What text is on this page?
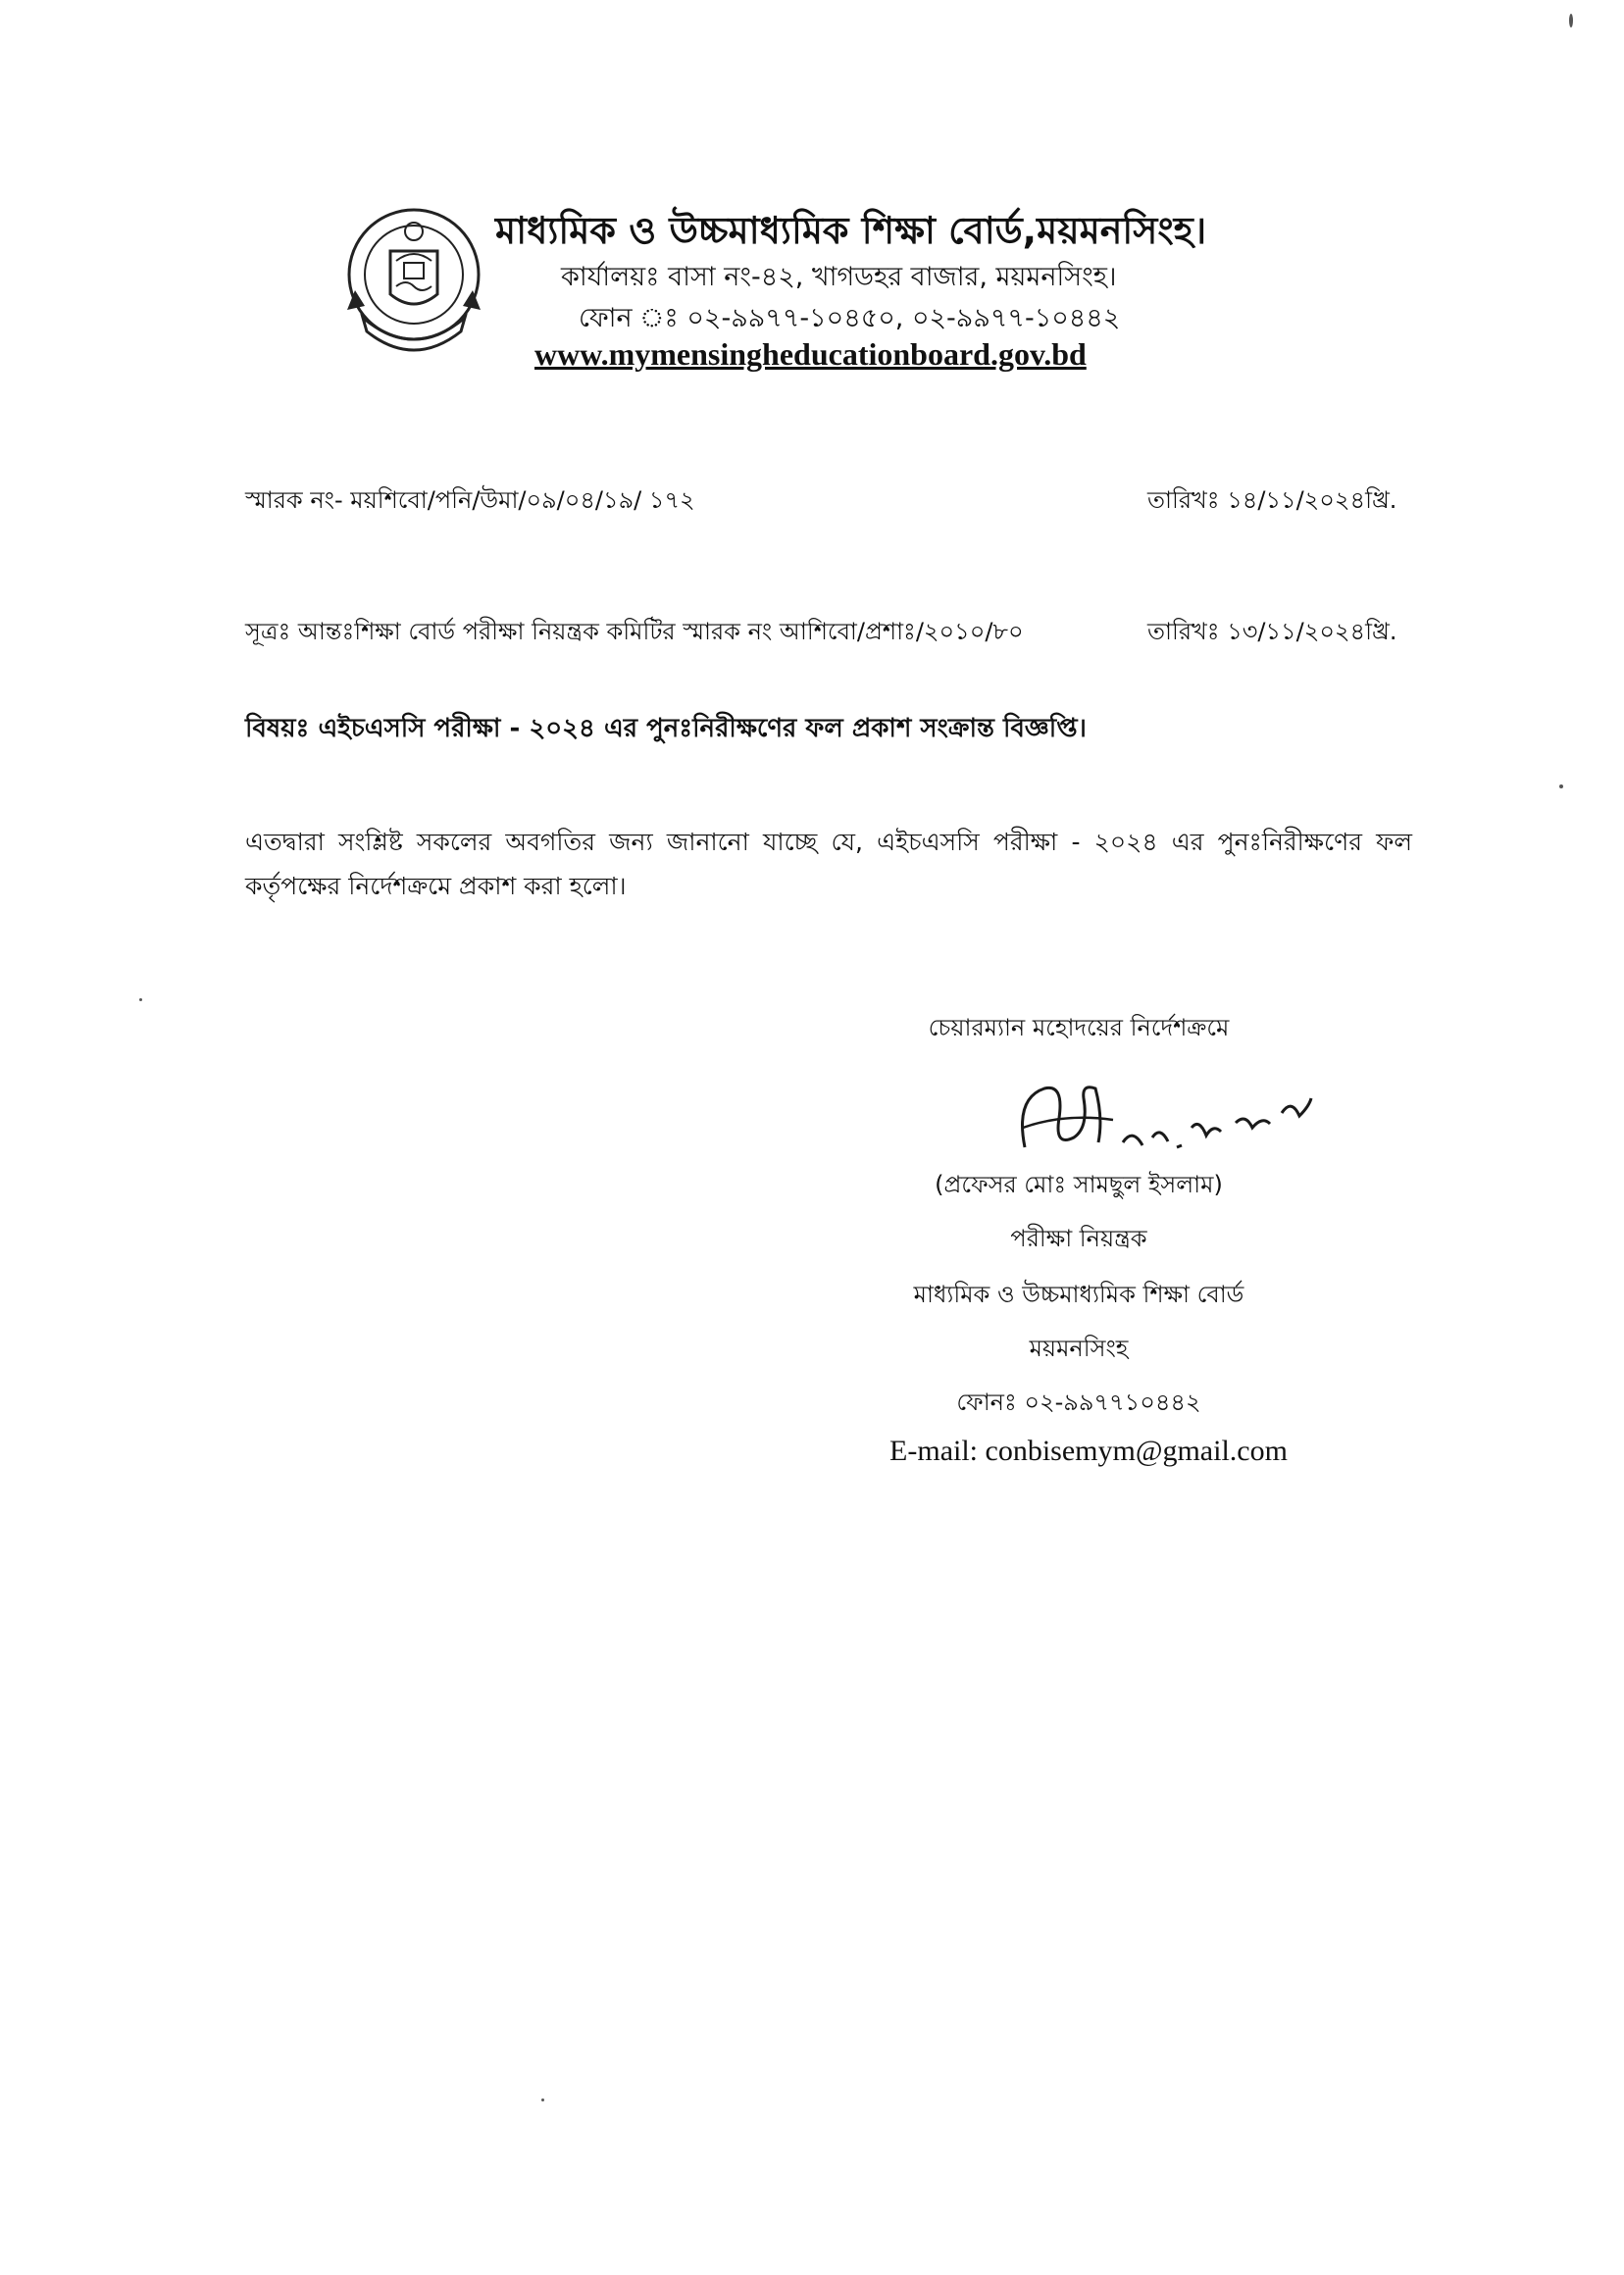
মাধ্যমিক ও উচ্চমাধ্যমিক শিক্ষা বোর্ড,ময়মনসিংহ।
কার্যালয়ঃ বাসা নং-৪২, খাগডহর বাজার, ময়মনসিংহ।
ফোন ঃ ০২-৯৯৭৭-১০৪৫০, ০২-৯৯৭৭-১০৪৪২
www.mymensingheducationboard.gov.bd
স্মারক নং- ময়শিবো/পনি/উমা/০৯/০৪/১৯/ ১৭২	তারিখঃ ১৪/১১/২০২৪খ্রি.
সূত্রঃ আন্তঃশিক্ষা বোর্ড পরীক্ষা নিয়ন্ত্রক কমিটির স্মারক নং আশিবো/প্রশাঃ/২০১০/৮০	তারিখঃ ১৩/১১/২০২৪খ্রি.
বিষয়ঃ এইচএসসি পরীক্ষা - ২০২৪ এর পুনঃনিরীক্ষণের ফল প্রকাশ সংক্রান্ত বিজ্ঞপ্তি।
এতদ্বারা সংশ্লিষ্ট সকলের অবগতির জন্য জানানো যাচ্ছে যে, এইচএসসি পরীক্ষা - ২০২৪ এর পুনঃনিরীক্ষণের ফল কর্তৃপক্ষের নির্দেশক্রমে প্রকাশ করা হলো।
চেয়ারম্যান মহোদয়ের নির্দেশক্রমে
(প্রফেসর মোঃ সামছুল ইসলাম)
পরীক্ষা নিয়ন্ত্রক
মাধ্যমিক ও উচ্চমাধ্যমিক শিক্ষা বোর্ড
ময়মনসিংহ
ফোনঃ ০২-৯৯৭৭১০৪৪২
E-mail: conbisemym@gmail.com
